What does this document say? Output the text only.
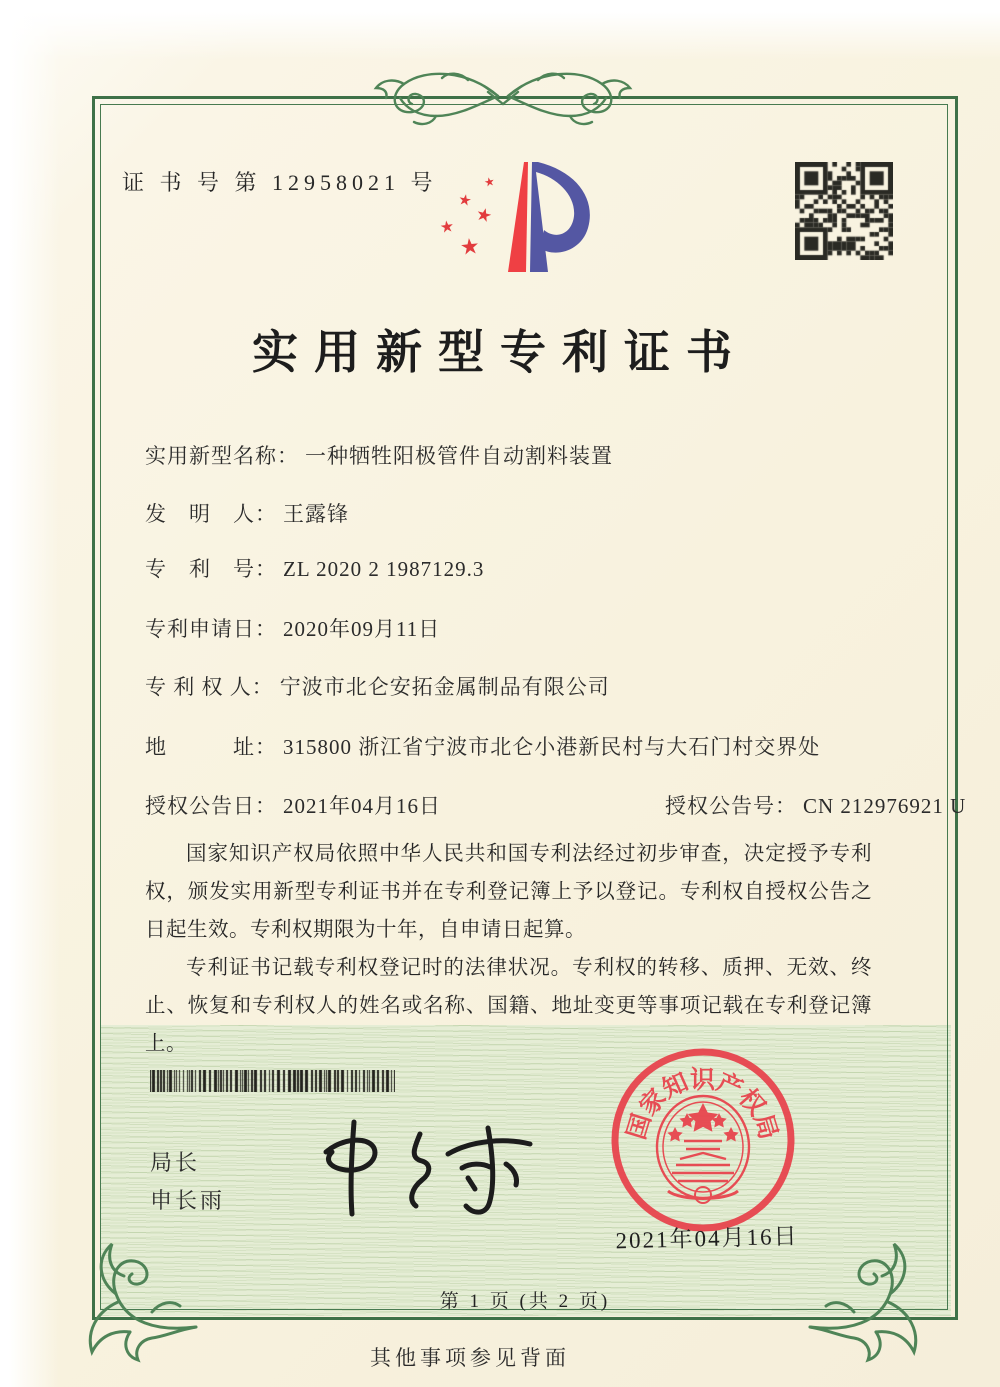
证 书 号 第 12958021 号	★
★
★
★
★
实用新型专利证书
实用新型名称： 一种牺牲阳极管件自动割料装置
发　明　人： 王露锋
专　利　号： ZL 2020 2 1987129.3
专利申请日： 2020年09月11日
专 利 权 人： 宁波市北仑安拓金属制品有限公司
地　　　址： 315800 浙江省宁波市北仑小港新民村与大石门村交界处
授权公告日： 2021年04月16日	授权公告号： CN 212976921 U

国家知识产权局依照中华人民共和国专利法经过初步审查，决定授予专利权，颁发实用新型专利证书并在专利登记簿上予以登记。专利权自授权公告之日起生效。专利权期限为十年，自申请日起算。

专利证书记载专利权登记时的法律状况。专利权的转移、质押、无效、终止、恢复和专利权人的姓名或名称、国籍、地址变更等事项记载在专利登记簿上。

局长
申长雨
国
家
知
识
产
权
局
2021年04月16日
第 1 页 (共 2 页)
其他事项参见背面
